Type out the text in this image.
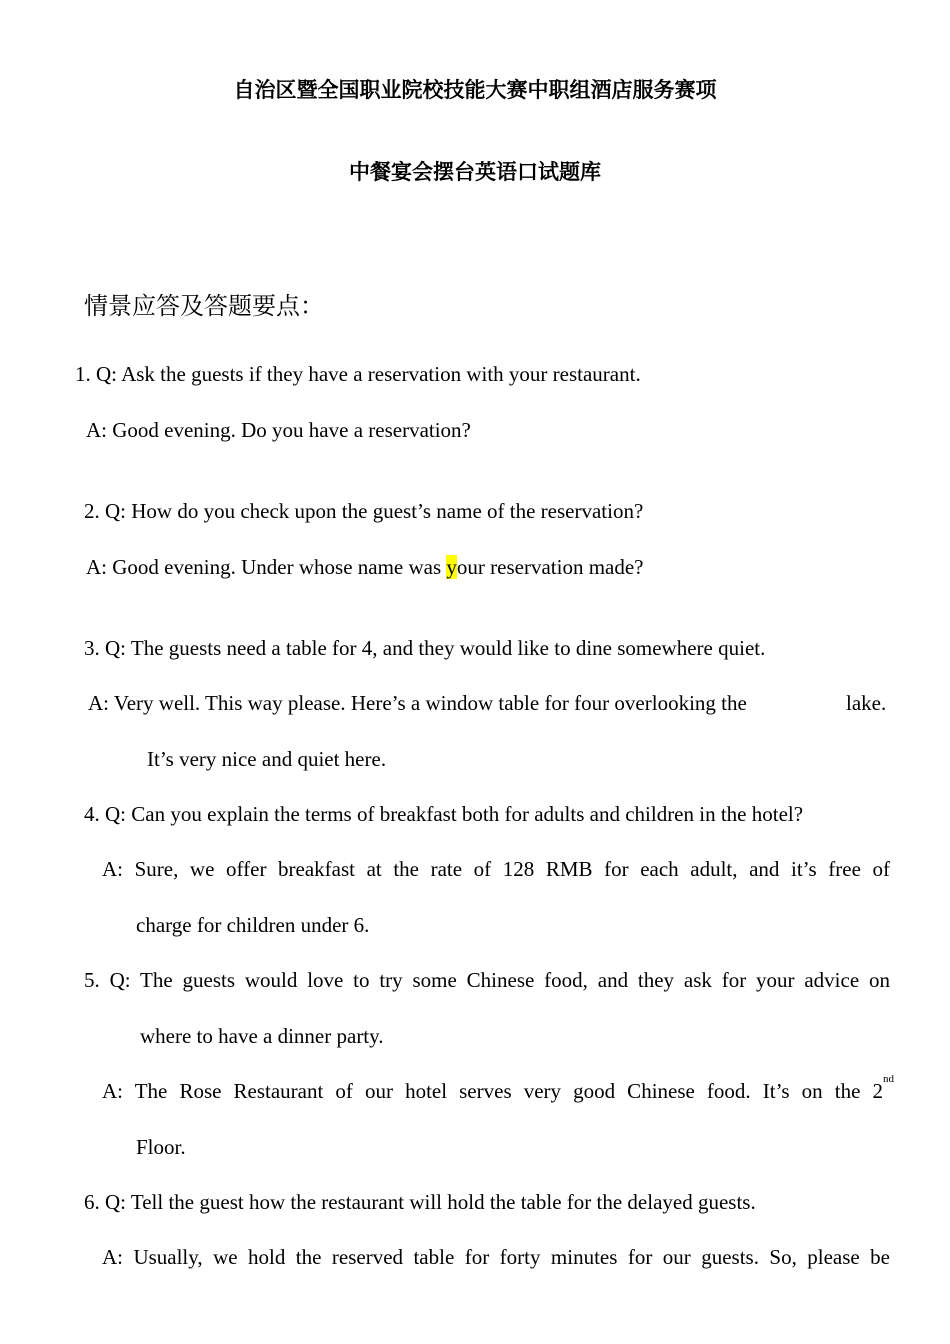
自治区暨全国职业院校技能大赛中职组酒店服务赛项
中餐宴会摆台英语口试题库
情景应答及答题要点：
1. Q: Ask the guests if they have a reservation with your restaurant.
A: Good evening. Do you have a reservation?
2. Q: How do you check upon the guest’s name of the reservation?
A: Good evening. Under whose name was your reservation made?
3. Q: The guests need a table for 4, and they would like to dine somewhere quiet.
A: Very well. This way please. Here’s a window table for four overlooking the	lake.
It’s very nice and quiet here.
4. Q: Can you explain the terms of breakfast both for adults and children in the hotel?
A: Sure, we offer breakfast at the rate of 128 RMB for each adult, and it’s free of
charge for children under 6.
5. Q: The guests would love to try some Chinese food, and they ask for your advice on
where to have a dinner party.
A: The Rose Restaurant of our hotel serves very good Chinese food. It’s on the 2 nd
Floor.
6. Q: Tell the guest how the restaurant will hold the table for the delayed guests.
A: Usually, we hold the reserved table for forty minutes for our guests. So, please be
